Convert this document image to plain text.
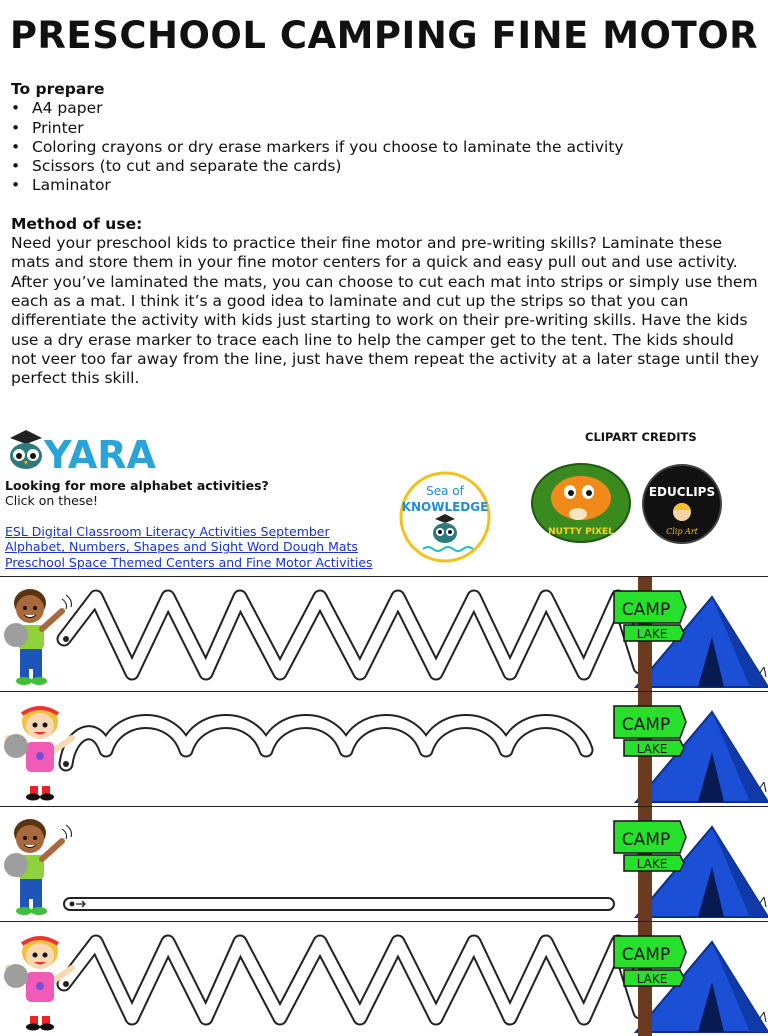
PRESCHOOL CAMPING FINE MOTOR
To prepare
• A4 paper
• Printer
• Coloring crayons or dry erase markers if you choose to laminate the activity
• Scissors (to cut and separate the cards)
• Laminator
Method of use:

Need your preschool kids to practice their fine motor and pre-writing skills? Laminate these mats and store them in your fine motor centers for a quick and easy pull out and use activity. After you’ve laminated the mats, you can choose to cut each mat into strips or simply use them each as a mat. I think it’s a good idea to laminate and cut up the strips so that you can differentiate the activity with kids just starting to work on their pre-writing skills. Have the kids use a dry erase marker to trace each line to help the camper get to the tent. The kids should not veer too far away from the line, just have them repeat the activity at a later stage until they perfect this skill.

YARA
Looking for more alphabet activities?
Click on these!
ESL Digital Classroom Literacy Activities September
Alphabet, Numbers, Shapes and Sight Word Dough Mats
Preschool Space Themed Centers and Fine Motor Activities
Sea of
KNOWLEDGE
CLIPART CREDITS
NUTTY PIXEL
EDUCLIPS
Clip Art
CAMP
LAKE
CAMP
LAKE
CAMP
LAKE
CAMP
LAKE
